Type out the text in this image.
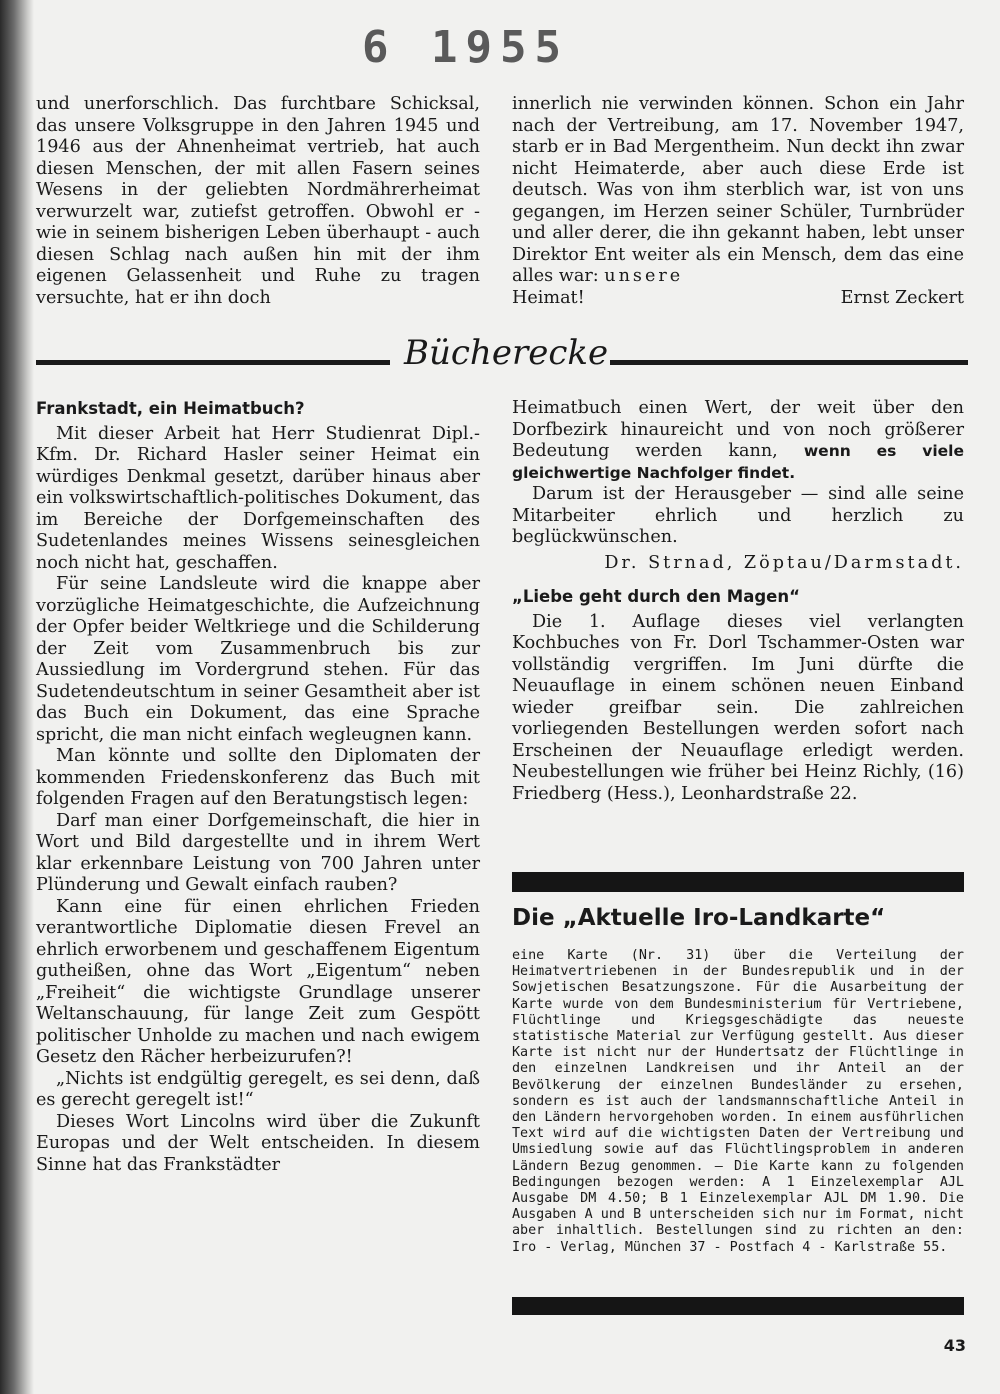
6 1955

und unerforschlich. Das furchtbare Schicksal, das unsere Volksgruppe in den Jahren 1945 und 1946 aus der Ahnenheimat vertrieb, hat auch diesen Menschen, der mit allen Fasern seines Wesens in der geliebten Nordmährerheimat verwurzelt war, zutiefst getroffen. Obwohl er - wie in seinem bisherigen Leben überhaupt - auch diesen Schlag nach außen hin mit der ihm eigenen Gelassenheit und Ruhe zu tragen versuchte, hat er ihn doch

innerlich nie verwinden können. Schon ein Jahr nach der Vertreibung, am 17. November 1947, starb er in Bad Mergentheim. Nun deckt ihn zwar nicht Heimaterde, aber auch diese Erde ist deutsch. Was von ihm sterblich war, ist von uns gegangen, im Herzen seiner Schüler, Turnbrüder und aller derer, die ihn gekannt haben, lebt unser Direktor Ent weiter als ein Mensch, dem das eine alles war: unsere

Heimat!	Ernst Zeckert

Bücherecke

Frankstadt, ein Heimatbuch?

Mit dieser Arbeit hat Herr Studienrat Dipl.-Kfm. Dr. Richard Hasler seiner Heimat ein würdiges Denkmal gesetzt, darüber hinaus aber ein volkswirtschaftlich-politisches Dokument, das im Bereiche der Dorfgemeinschaften des Sudetenlandes meines Wissens seinesgleichen noch nicht hat, geschaffen.

Für seine Landsleute wird die knappe aber vorzügliche Heimatgeschichte, die Aufzeichnung der Opfer beider Weltkriege und die Schilderung der Zeit vom Zusammenbruch bis zur Aussiedlung im Vordergrund stehen. Für das Sudetendeutschtum in seiner Gesamtheit aber ist das Buch ein Dokument, das eine Sprache spricht, die man nicht einfach wegleugnen kann.

Man könnte und sollte den Diplomaten der kommenden Friedenskonferenz das Buch mit folgenden Fragen auf den Beratungstisch legen:

Darf man einer Dorfgemeinschaft, die hier in Wort und Bild dargestellte und in ihrem Wert klar erkennbare Leistung von 700 Jahren unter Plünderung und Gewalt einfach rauben?

Kann eine für einen ehrlichen Frieden verantwortliche Diplomatie diesen Frevel an ehrlich erworbenem und geschaffenem Eigentum gutheißen, ohne das Wort „Eigentum“ neben „Freiheit“ die wichtigste Grundlage unserer Weltanschauung, für lange Zeit zum Gespött politischer Unholde zu machen und nach ewigem Gesetz den Rächer herbeizurufen?!

„Nichts ist endgültig geregelt, es sei denn, daß es gerecht geregelt ist!“

Dieses Wort Lincolns wird über die Zukunft Europas und der Welt entscheiden. In diesem Sinne hat das Frankstädter

Heimatbuch einen Wert, der weit über den Dorfbezirk hinaureicht und von noch größerer Bedeutung werden kann, wenn es viele gleichwertige Nachfolger findet.

Darum ist der Herausgeber — sind alle seine Mitarbeiter ehrlich und herzlich zu beglückwünschen.

Dr. Strnad, Zöptau/Darmstadt.

„Liebe geht durch den Magen“

Die 1. Auflage dieses viel verlangten Kochbuches von Fr. Dorl Tschammer-Osten war vollständig vergriffen. Im Juni dürfte die Neuauflage in einem schönen neuen Einband wieder greifbar sein. Die zahlreichen vorliegenden Bestellungen werden sofort nach Erscheinen der Neuauflage erledigt werden. Neubestellungen wie früher bei Heinz Richly, (16) Friedberg (Hess.), Leonhardstraße 22.

Die „Aktuelle Iro-Landkarte“

eine Karte (Nr. 31) über die Verteilung der Heimatvertriebenen in der Bundesrepublik und in der Sowjetischen Besatzungszone. Für die Ausarbeitung der Karte wurde von dem Bundesministerium für Vertriebene, Flüchtlinge und Kriegsgeschädigte das neueste statistische Material zur Verfügung gestellt. Aus dieser Karte ist nicht nur der Hundertsatz der Flüchtlinge in den einzelnen Landkreisen und ihr Anteil an der Bevölkerung der einzelnen Bundesländer zu ersehen, sondern es ist auch der landsmannschaftliche Anteil in den Ländern hervorgehoben worden. In einem ausführlichen Text wird auf die wichtigsten Daten der Vertreibung und Umsiedlung sowie auf das Flüchtlingsproblem in anderen Ländern Bezug genommen. — Die Karte kann zu folgenden Bedingungen bezogen werden: A 1 Einzelexemplar AJL Ausgabe DM 4.50; B 1 Einzelexemplar AJL DM 1.90. Die Ausgaben A und B unterscheiden sich nur im Format, nicht aber inhaltlich. Bestellungen sind zu richten an den: Iro - Verlag, München 37 - Postfach 4 - Karlstraße 55.

43
